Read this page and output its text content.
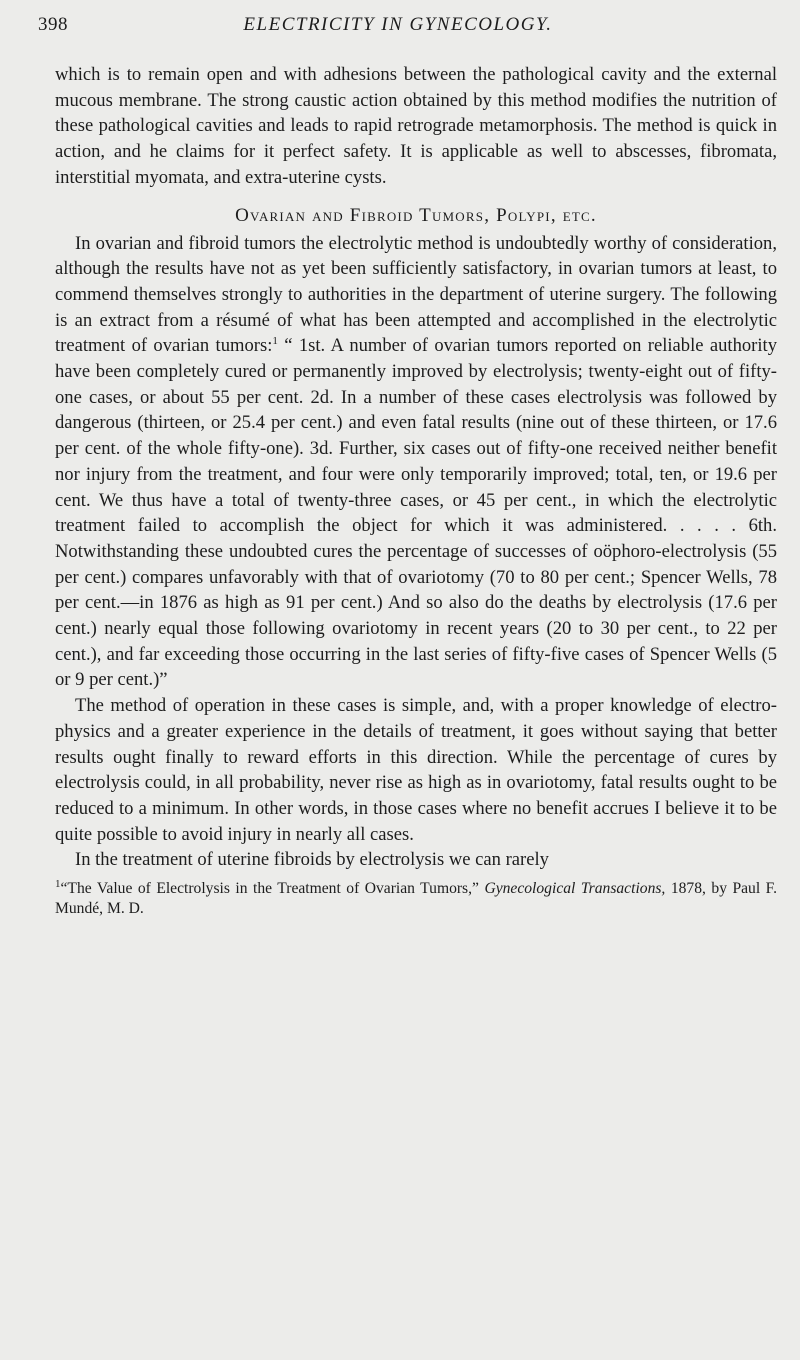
398	ELECTRICITY IN GYNECOLOGY.

which is to remain open and with adhesions between the pathological cavity and the external mucous membrane. The strong caustic action obtained by this method modifies the nutrition of these pathological cavities and leads to rapid retrograde metamorphosis. The method is quick in action, and he claims for it perfect safety. It is applicable as well to abscesses, fibromata, interstitial myomata, and extra-uterine cysts.

Ovarian and Fibroid Tumors, Polypi, etc.

In ovarian and fibroid tumors the electrolytic method is undoubtedly worthy of consideration, although the results have not as yet been sufficiently satisfactory, in ovarian tumors at least, to commend themselves strongly to authorities in the department of uterine surgery. The following is an extract from a résumé of what has been attempted and accomplished in the electrolytic treatment of ovarian tumors:$^1$ “ 1st. A number of ovarian tumors reported on reliable authority have been completely cured or permanently improved by electrolysis; twenty-eight out of fifty-one cases, or about 55 per cent. 2d. In a number of these cases electrolysis was followed by dangerous (thirteen, or 25.4 per cent.) and even fatal results (nine out of these thirteen, or 17.6 per cent. of the whole fifty-one). 3d. Further, six cases out of fifty-one received neither benefit nor injury from the treatment, and four were only temporarily improved; total, ten, or 19.6 per cent. We thus have a total of twenty-three cases, or 45 per cent., in which the electrolytic treatment failed to accomplish the object for which it was administered. . . . . 6th. Notwithstanding these undoubted cures the percentage of successes of oöphoro-electrolysis (55 per cent.) compares unfavorably with that of ovariotomy (70 to 80 per cent.; Spencer Wells, 78 per cent.—in 1876 as high as 91 per cent.) And so also do the deaths by electrolysis (17.6 per cent.) nearly equal those following ovariotomy in recent years (20 to 30 per cent., to 22 per cent.), and far exceeding those occurring in the last series of fifty-five cases of Spencer Wells (5 or 9 per cent.)”

The method of operation in these cases is simple, and, with a proper knowledge of electro-physics and a greater experience in the details of treatment, it goes without saying that better results ought finally to reward efforts in this direction. While the percentage of cures by electrolysis could, in all probability, never rise as high as in ovariotomy, fatal results ought to be reduced to a minimum. In other words, in those cases where no benefit accrues I believe it to be quite possible to avoid injury in nearly all cases.

In the treatment of uterine fibroids by electrolysis we can rarely

$^1$“The Value of Electrolysis in the Treatment of Ovarian Tumors,” Gynecological Transactions, 1878, by Paul F. Mundé, M. D.
